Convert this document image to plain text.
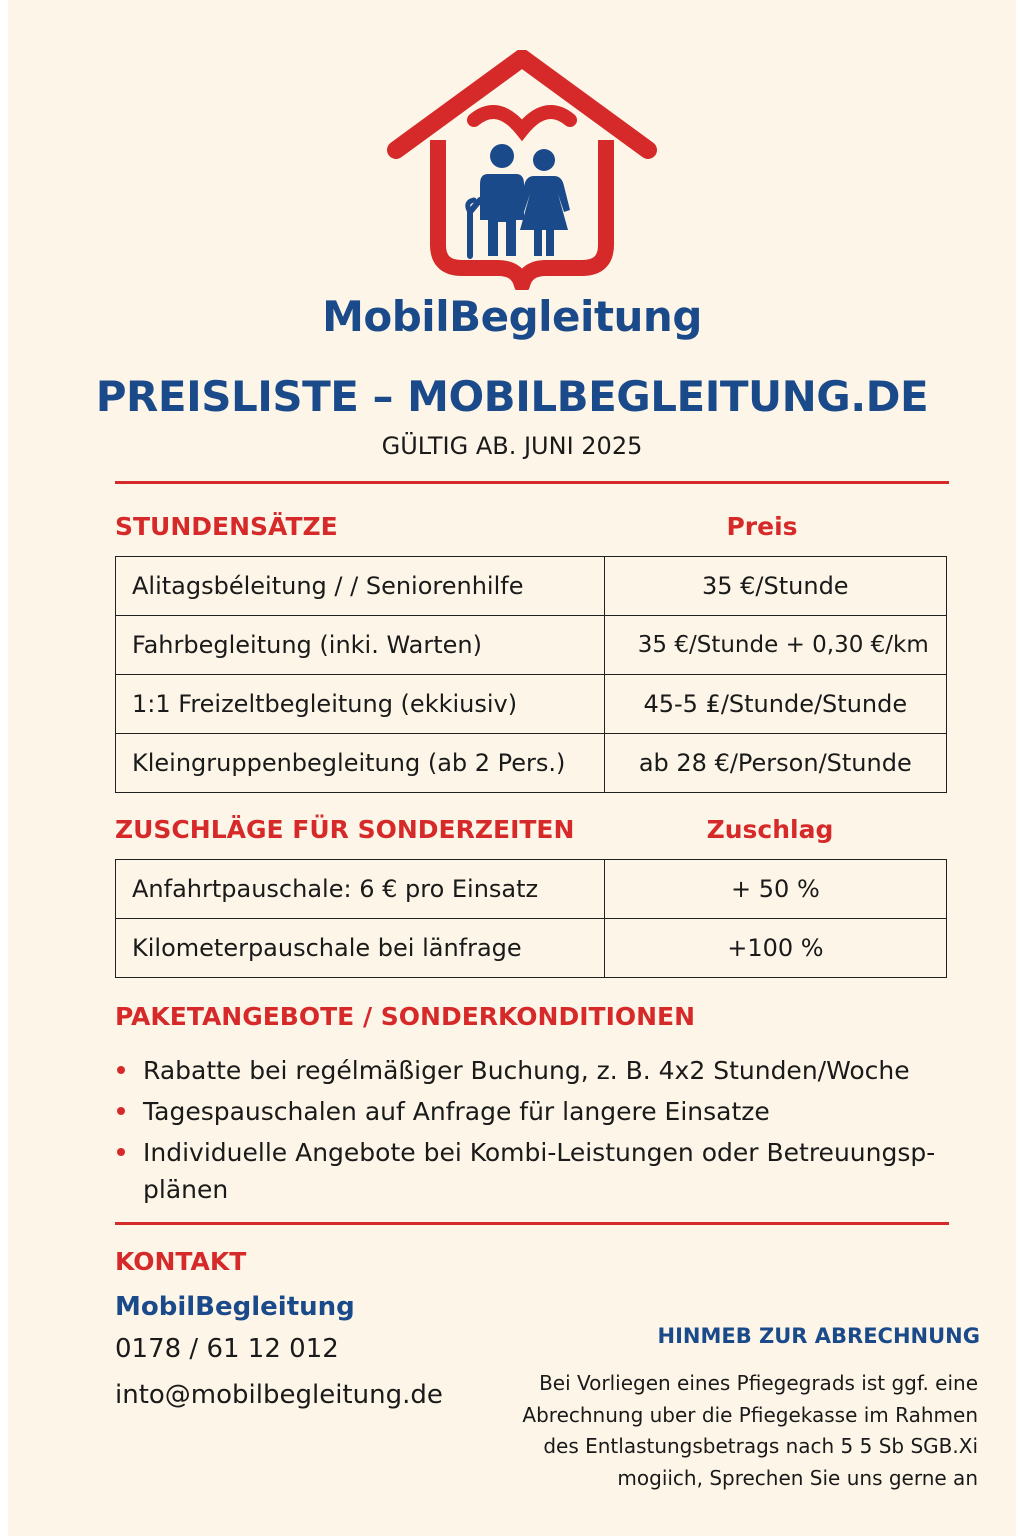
MobilBegleitung
PREISLISTE – MOBILBEGLEITUNG.DE
GÜLTIG AB. JUNI 2025
STUNDENSÄTZE	Preis
Alitagsbéleitung / / Seniorenhilfe	35 €/Stunde
Fahrbegleitung (inki. Warten)	35 €/Stunde + 0,30 €/km
1:1 Freizeltbegleitung (ekkiusiv)	45-5 ₤/Stunde/Stunde
Kleingruppenbegleitung (ab 2 Pers.)	ab 28 €/Person/Stunde
ZUSCHLÄGE FÜR SONDERZEITEN	Zuschlag
Anfahrtpauschale: 6 € pro Einsatz	+ 50 %
Kilometerpauschale bei länfrage	+100 %
PAKETANGEBOTE / SONDERKONDITIONEN
Rabatte bei regélmäßiger Buchung, z. B. 4x2 Stunden/Woche
Tagespauschalen auf Anfrage für langere Einsatze
Individuelle Angebote bei Kombi-Leistungen oder Betreuungsp-plänen
KONTAKT
MobilBegleitung
0178 / 61 12 012
into@mobilbegleitung.de
HINMEB ZUR ABRECHNUNG
Bei Vorliegen eines Pfiegegrads ist ggf. eine Abrechnung uber die Pfiegekasse im Rahmen des Entlastungsbetrags nach 5 5 Sb SGB.Xi mogiich, Sprechen Sie uns gerne an
